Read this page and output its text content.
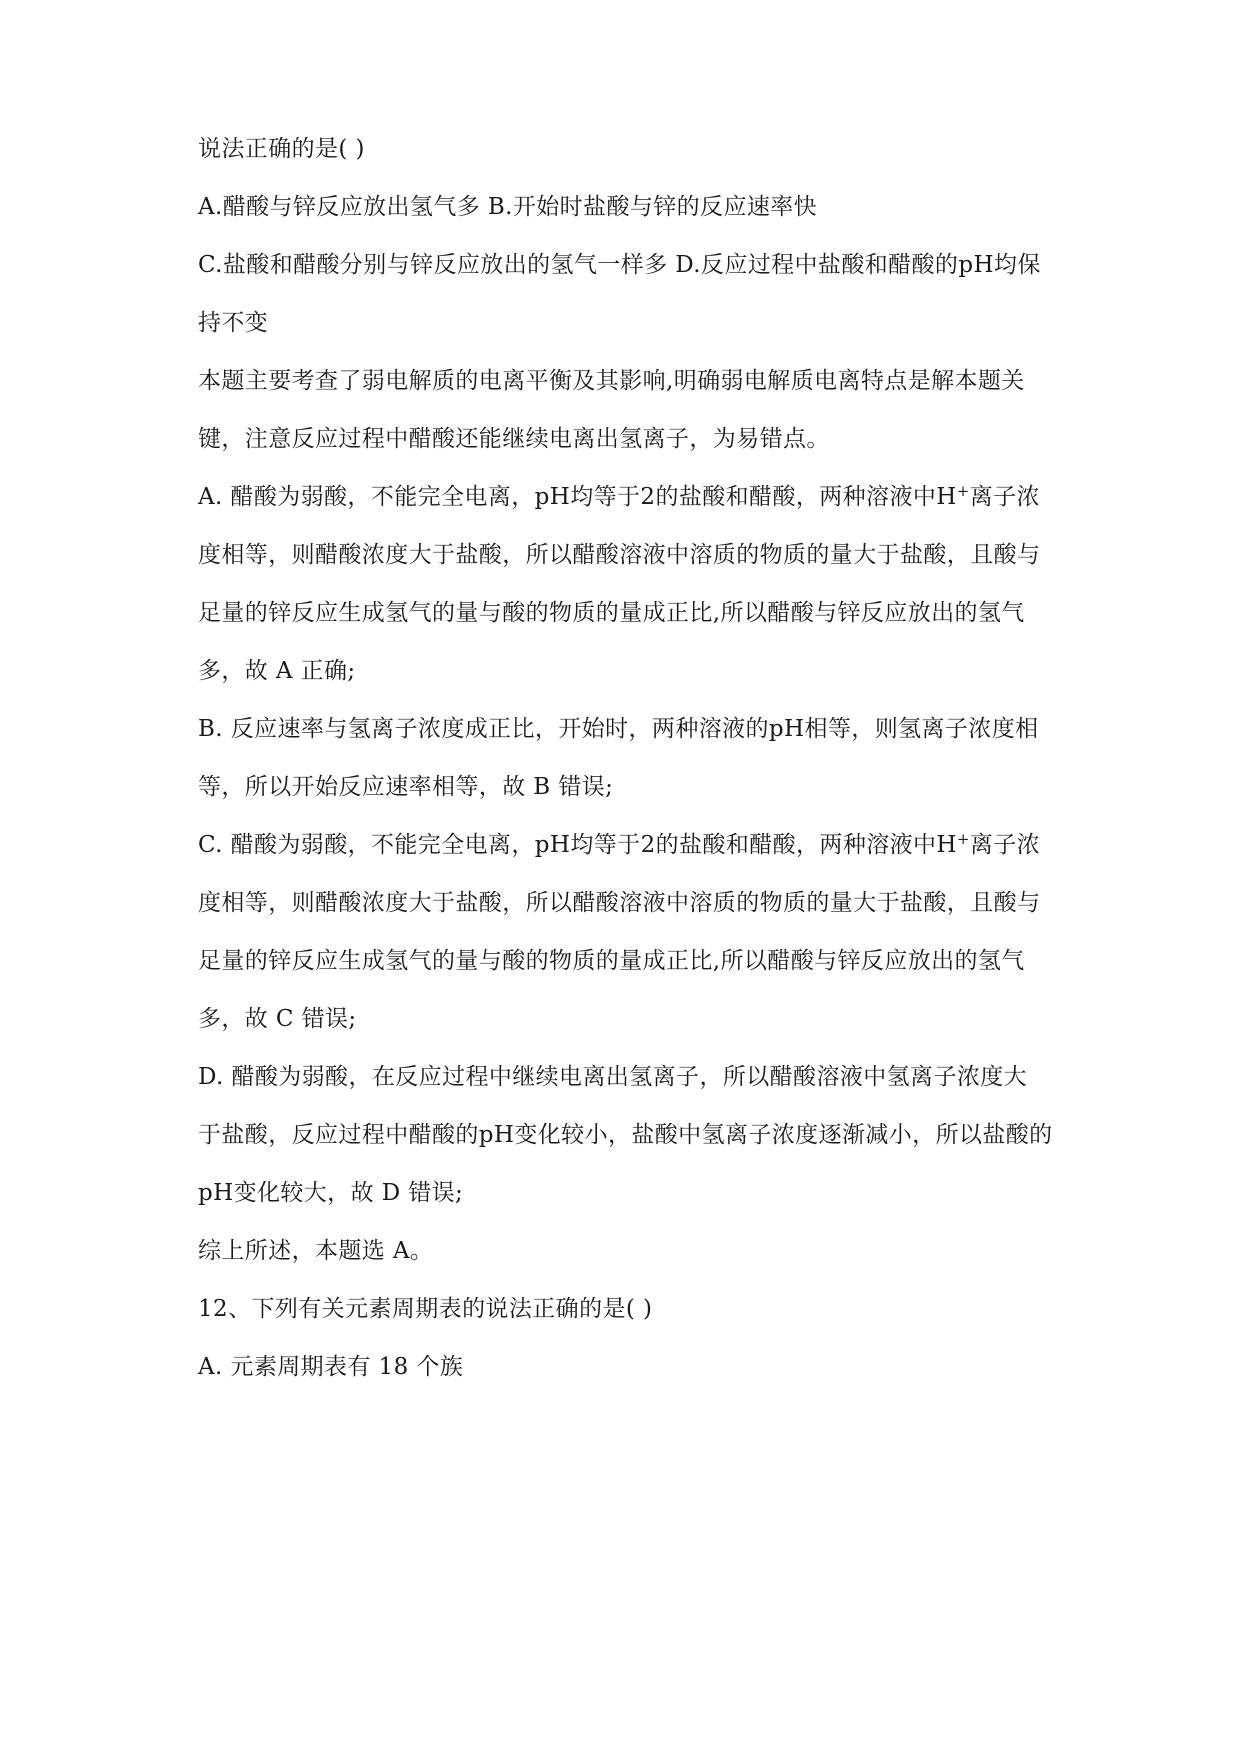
说法正确的是( )
A.醋酸与锌反应放出氢气多 B.开始时盐酸与锌的反应速率快
C.盐酸和醋酸分别与锌反应放出的氢气一样多 D.反应过程中盐酸和醋酸的pH均保
持不变
本题主要考查了弱电解质的电离平衡及其影响,明确弱电解质电离特点是解本题关
键，注意反应过程中醋酸还能继续电离出氢离子，为易错点。
A. 醋酸为弱酸，不能完全电离，pH均等于2的盐酸和醋酸，两种溶液中H+离子浓
度相等，则醋酸浓度大于盐酸，所以醋酸溶液中溶质的物质的量大于盐酸，且酸与
足量的锌反应生成氢气的量与酸的物质的量成正比,所以醋酸与锌反应放出的氢气
多，故 A 正确;
B. 反应速率与氢离子浓度成正比，开始时，两种溶液的pH相等，则氢离子浓度相
等，所以开始反应速率相等，故 B 错误;
C. 醋酸为弱酸，不能完全电离，pH均等于2的盐酸和醋酸，两种溶液中H+离子浓
度相等，则醋酸浓度大于盐酸，所以醋酸溶液中溶质的物质的量大于盐酸，且酸与
足量的锌反应生成氢气的量与酸的物质的量成正比,所以醋酸与锌反应放出的氢气
多，故 C 错误;
D. 醋酸为弱酸，在反应过程中继续电离出氢离子，所以醋酸溶液中氢离子浓度大
于盐酸，反应过程中醋酸的pH变化较小，盐酸中氢离子浓度逐渐减小，所以盐酸的
pH变化较大，故 D 错误;
综上所述，本题选 A。
12、下列有关元素周期表的说法正确的是( )
A. 元素周期表有 18 个族
